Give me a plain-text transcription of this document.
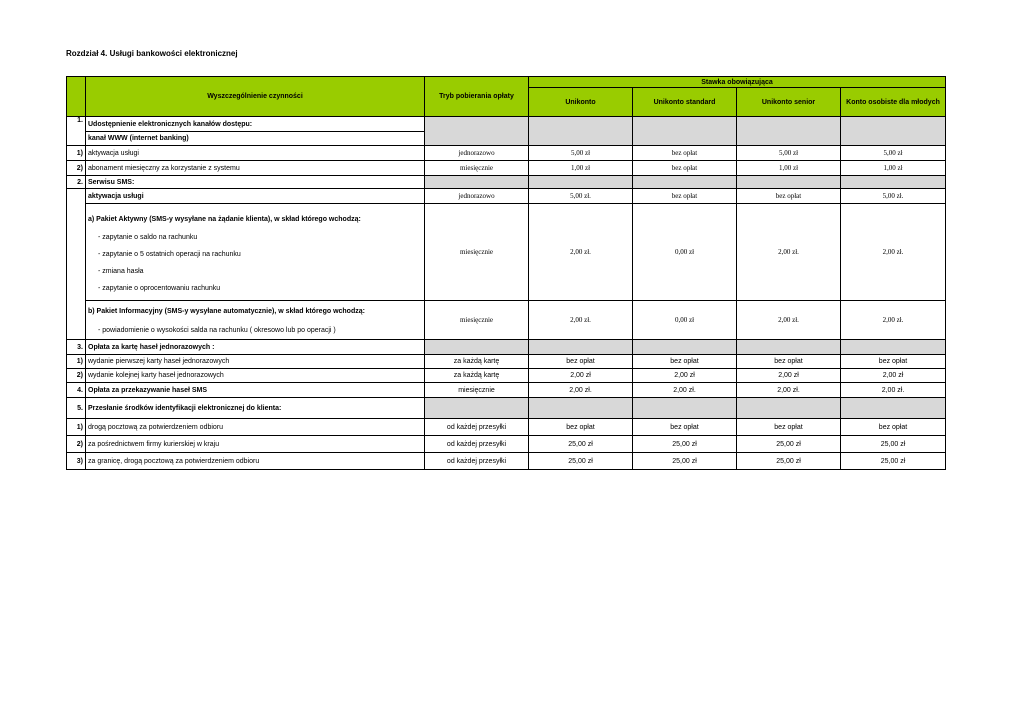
Rozdział 4. Usługi bankowości elektronicznej
	Wyszczególnienie czynności	Tryb pobierania opłaty	Stawka obowiązująca			
			Unikonto	Unikonto standard	Unikonto senior	Konto osobiste dla młodych
1.	Udostępnienie elektronicznych kanałów dostępu:					
	kanał WWW (internet banking)					
1)	aktywacja usługi	jednorazowo	5,00 zł	bez opłat	5,00 zł	5,00 zł
2)	abonament miesięczny za korzystanie z systemu	miesięcznie	1,00 zł	bez opłat	1,00 zł	1,00 zł
2.	Serwisu SMS:					
	aktywacja usługi	jednorazowo	5,00 zł.	bez opłat	bez opłat	5,00 zł.

	a) Pakiet Aktywny (SMS-y wysyłane na żądanie klienta), w skład którego wchodzą:
- zapytanie o saldo na rachunku
- zapytanie o 5 ostatnich operacji na rachunku
- zmiana hasła
- zapytanie o oprocentowaniu rachunku	miesięcznie	2,00 zł.	0,00 zł	2,00 zł.	2,00 zł.

	b) Pakiet Informacyjny (SMS-y wysyłane automatycznie), w skład którego wchodzą:
- powiadomienie o wysokości salda na rachunku ( okresowo lub po operacji )	miesięcznie	2,00 zł.	0,00 zł	2,00 zł.	2,00 zł.
3.	Opłata za kartę haseł jednorazowych :					
1)	wydanie pierwszej karty haseł jednorazowych	za każdą kartę	bez opłat	bez opłat	bez opłat	bez opłat
2)	wydanie kolejnej karty haseł jednorazowych	za każdą kartę	2,00 zł	2,00 zł	2,00 zł	2,00 zł
4.	Opłata za przekazywanie haseł SMS	miesięcznie	2,00 zł.	2,00 zł.	2,00 zł.	2,00 zł.
5.	Przesłanie środków identyfikacji elektronicznej do klienta:					
1)	drogą pocztową za potwierdzeniem odbioru	od każdej przesyłki	bez opłat	bez opłat	bez opłat	bez opłat
2)	za pośrednictwem firmy kurierskiej w kraju	od każdej przesyłki	25,00 zł	25,00 zł	25,00 zł	25,00 zł
3)	za granicę, drogą pocztową za potwierdzeniem odbioru	od każdej przesyłki	25,00 zł	25,00 zł	25,00 zł	25,00 zł
